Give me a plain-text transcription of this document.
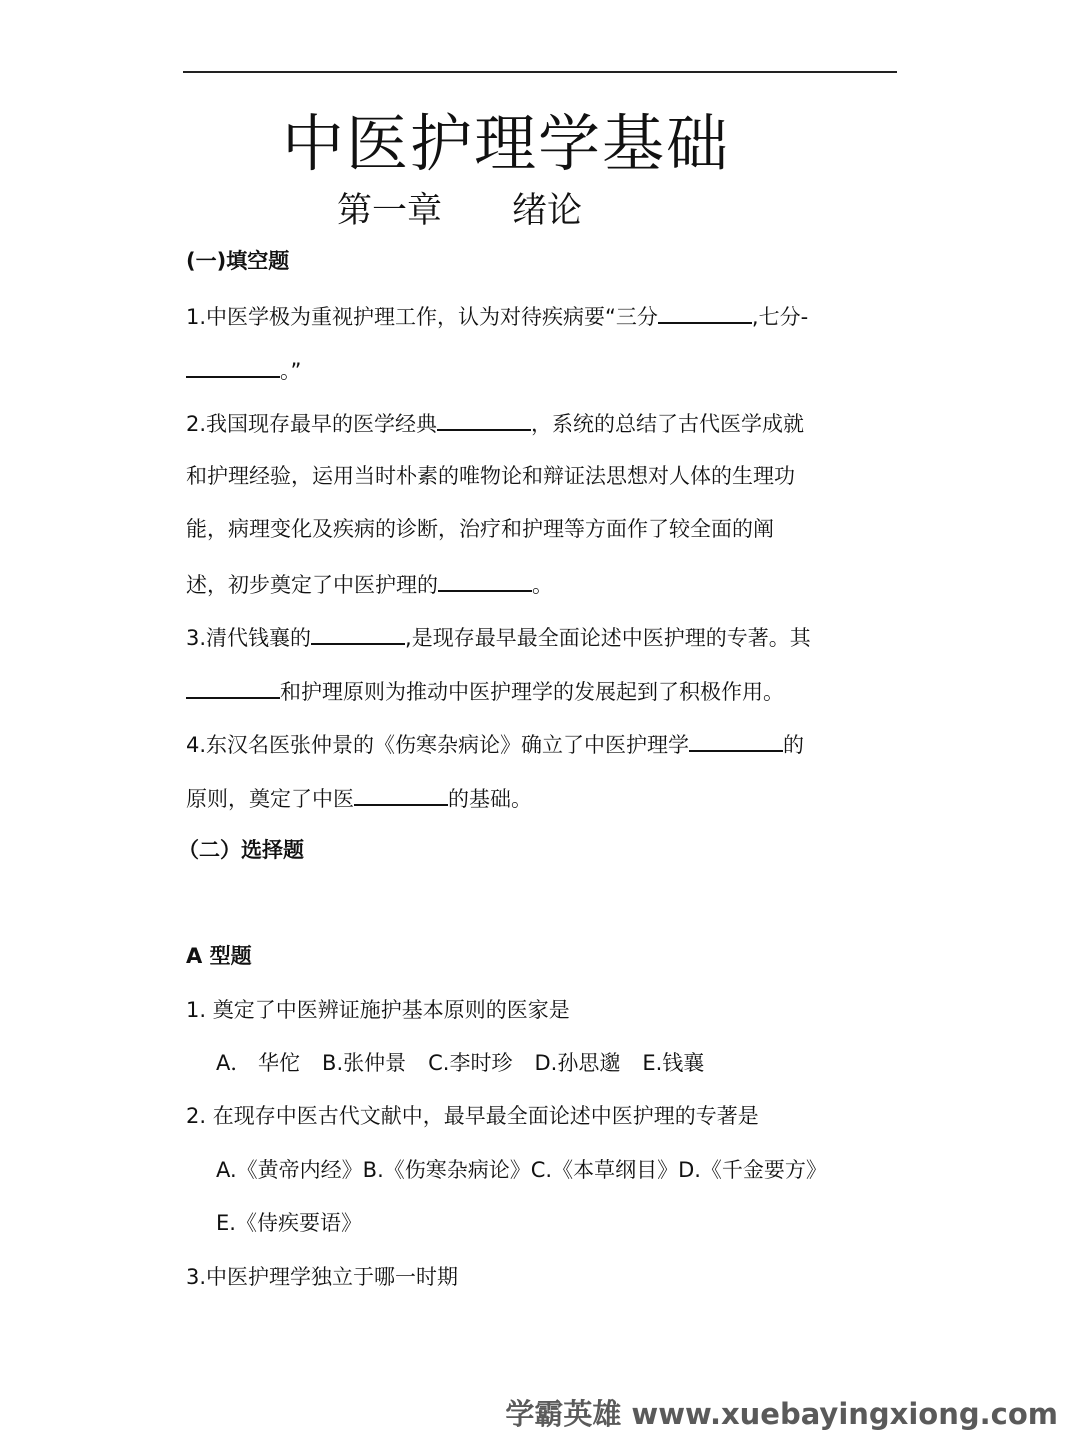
中医护理学基础
第一章　　绪论
(一)填空题
1.中医学极为重视护理工作，认为对待疾病要“三分	,七分-
。”
2.我国现存最早的医学经典	，系统的总结了古代医学成就
和护理经验，运用当时朴素的唯物论和辩证法思想对人体的生理功
能，病理变化及疾病的诊断，治疗和护理等方面作了较全面的阐
述，初步奠定了中医护理的	。
3.清代钱襄的	,是现存最早最全面论述中医护理的专著。其
和护理原则为推动中医护理学的发展起到了积极作用。
4.东汉名医张仲景的《伤寒杂病论》确立了中医护理学	的
原则，奠定了中医	的基础。
（二）选择题
A 型题
1. 奠定了中医辨证施护基本原则的医家是
A． 华佗 B.张仲景 C.李时珍 D.孙思邈 E.钱襄
2. 在现存中医古代文献中，最早最全面论述中医护理的专著是
A.《黄帝内经》B.《伤寒杂病论》C.《本草纲目》D.《千金要方》
E.《侍疾要语》
3.中医护理学独立于哪一时期
学霸英雄 www.xuebayingxiong.com
